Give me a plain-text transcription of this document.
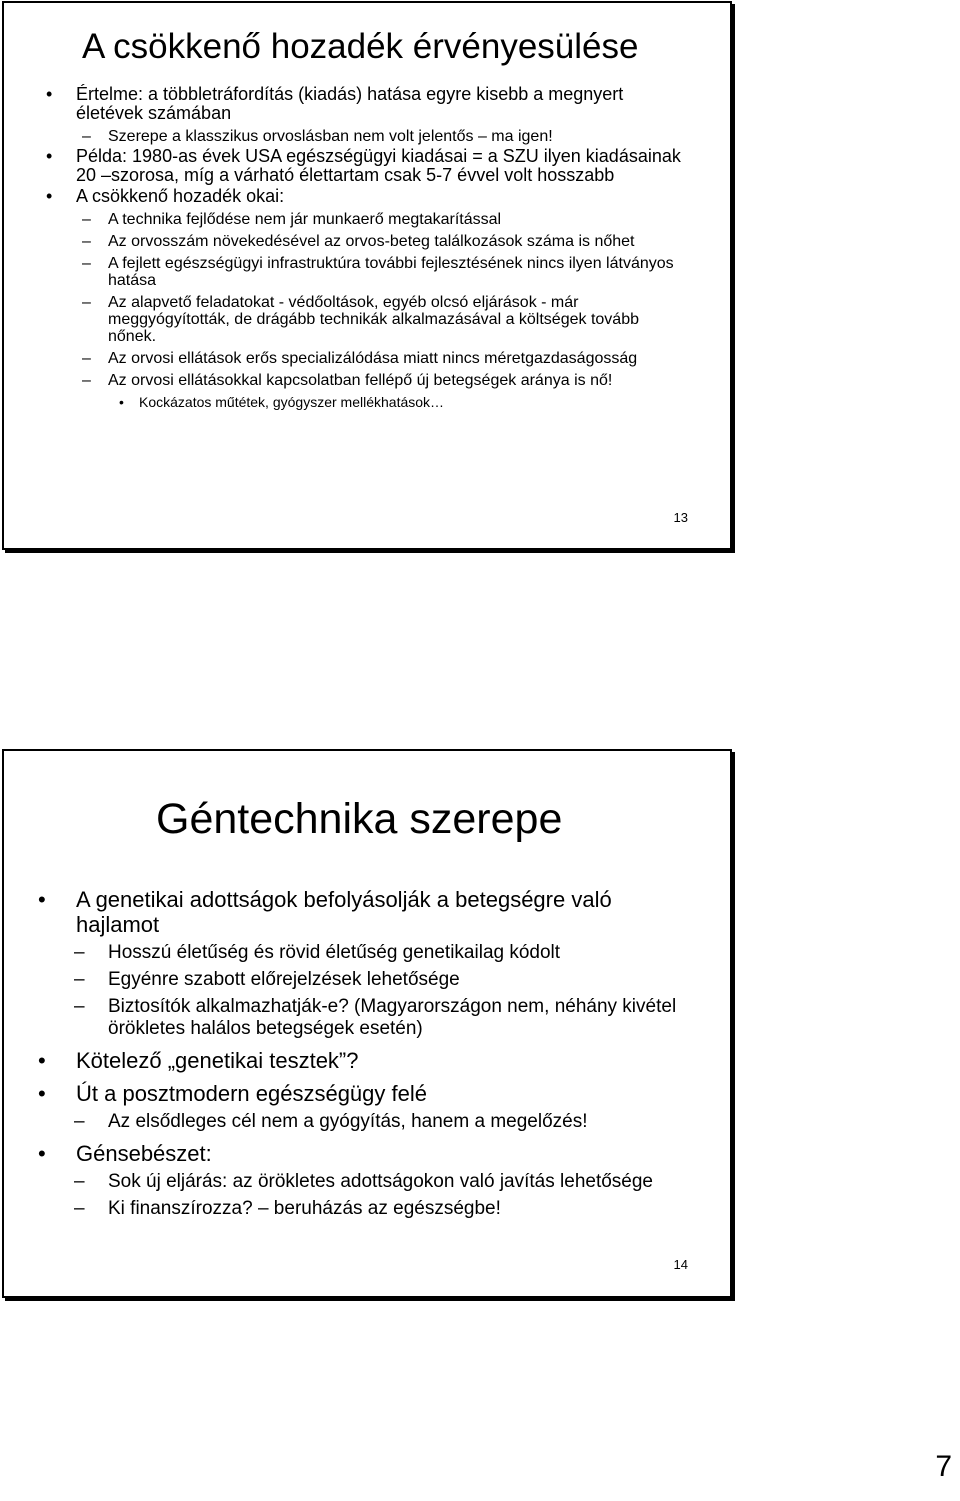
A csökkenő hozadék érvényesülése
• Értelme: a többletráfordítás (kiadás) hatása egyre kisebb a megnyert életévek számában
– Szerepe a klasszikus orvoslásban nem volt jelentős – ma igen!
• Példa: 1980-as évek USA egészségügyi kiadásai = a SZU ilyen kiadásainak 20 –szorosa, míg a várható élettartam csak 5-7 évvel volt hosszabb
• A csökkenő hozadék okai:
– A technika fejlődése nem jár munkaerő megtakarítással
– Az orvosszám növekedésével az orvos-beteg találkozások száma is nőhet
– A fejlett egészségügyi infrastruktúra további fejlesztésének nincs ilyen látványos hatása
– Az alapvető feladatokat - védőoltások, egyéb olcsó eljárások - már meggyógyították, de drágább technikák alkalmazásával a költségek tovább nőnek.
– Az orvosi ellátások erős specializálódása miatt nincs méretgazdaságosság
– Az orvosi ellátásokkal kapcsolatban fellépő új betegségek aránya is nő!
• Kockázatos műtétek, gyógyszer mellékhatások…
13
Géntechnika szerepe
• A genetikai adottságok befolyásolják a betegségre való hajlamot
– Hosszú életűség és rövid életűség genetikailag kódolt
– Egyénre szabott előrejelzések lehetősége
– Biztosítók alkalmazhatják-e? (Magyarországon nem, néhány kivétel örökletes halálos betegségek esetén)
• Kötelező „genetikai tesztek”?
• Út a posztmodern egészségügy felé
– Az elsődleges cél nem a gyógyítás, hanem a megelőzés!
• Génsebészet:
– Sok új eljárás: az örökletes adottságokon való javítás lehetősége
– Ki finanszírozza? – beruházás az egészségbe!
14
7
